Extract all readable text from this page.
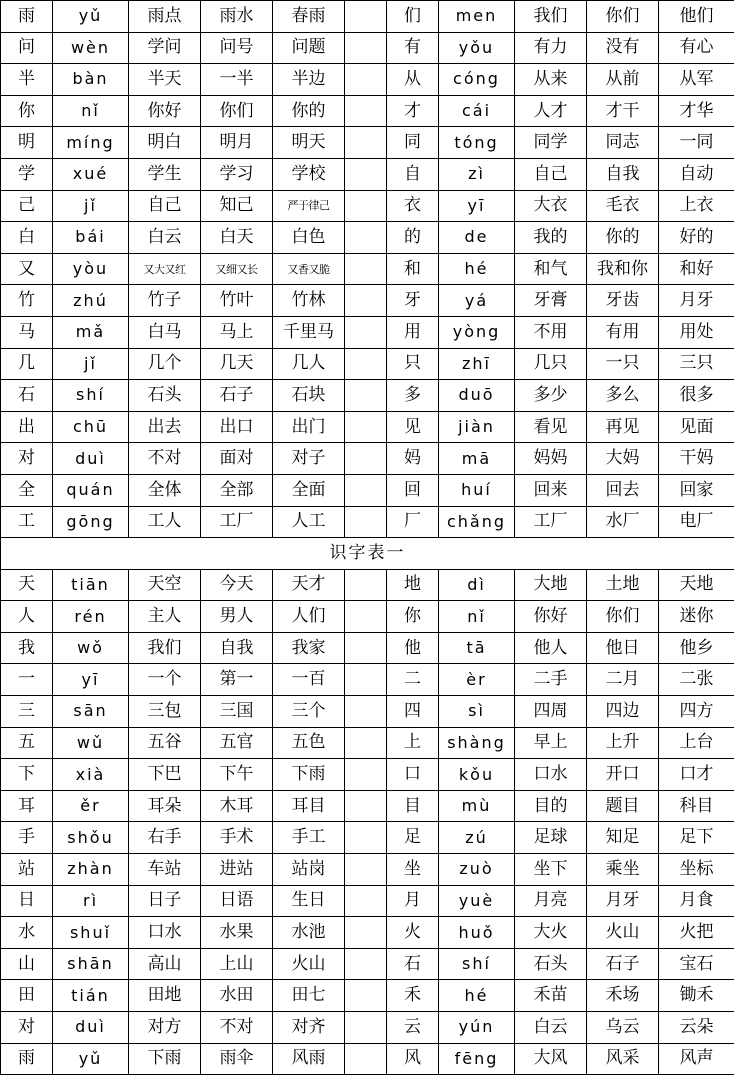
雨	yǔ	雨点	雨水	春雨		们	men	我们	你们	他们
问	wèn	学问	问号	问题		有	yǒu	有力	没有	有心
半	bàn	半天	一半	半边		从	cóng	从来	从前	从军
你	nǐ	你好	你们	你的		才	cái	人才	才干	才华
明	míng	明白	明月	明天		同	tóng	同学	同志	一同
学	xué	学生	学习	学校		自	zì	自己	自我	自动
己	jǐ	自己	知己	严于律己		衣	yī	大衣	毛衣	上衣
白	bái	白云	白天	白色		的	de	我的	你的	好的
又	yòu	又大又红	又细又长	又香又脆		和	hé	和气	我和你	和好
竹	zhú	竹子	竹叶	竹林		牙	yá	牙膏	牙齿	月牙
马	mǎ	白马	马上	千里马		用	yòng	不用	有用	用处
几	jǐ	几个	几天	几人		只	zhī	几只	一只	三只
石	shí	石头	石子	石块		多	duō	多少	多么	很多
出	chū	出去	出口	出门		见	jiàn	看见	再见	见面
对	duì	不对	面对	对子		妈	mā	妈妈	大妈	干妈
全	quán	全体	全部	全面		回	huí	回来	回去	回家
工	gōng	工人	工厂	人工		厂	chǎng	工厂	水厂	电厂
识字表一										
天	tiān	天空	今天	天才		地	dì	大地	土地	天地
人	rén	主人	男人	人们		你	nǐ	你好	你们	迷你
我	wǒ	我们	自我	我家		他	tā	他人	他日	他乡
一	yī	一个	第一	一百		二	èr	二手	二月	二张
三	sān	三包	三国	三个		四	sì	四周	四边	四方
五	wǔ	五谷	五官	五色		上	shàng	早上	上升	上台
下	xià	下巴	下午	下雨		口	kǒu	口水	开口	口才
耳	ěr	耳朵	木耳	耳目		目	mù	目的	题目	科目
手	shǒu	右手	手术	手工		足	zú	足球	知足	足下
站	zhàn	车站	进站	站岗		坐	zuò	坐下	乘坐	坐标
日	rì	日子	日语	生日		月	yuè	月亮	月牙	月食
水	shuǐ	口水	水果	水池		火	huǒ	大火	火山	火把
山	shān	高山	上山	火山		石	shí	石头	石子	宝石
田	tián	田地	水田	田七		禾	hé	禾苗	禾场	锄禾
对	duì	对方	不对	对齐		云	yún	白云	乌云	云朵
雨	yǔ	下雨	雨伞	风雨		风	fēng	大风	风采	风声
